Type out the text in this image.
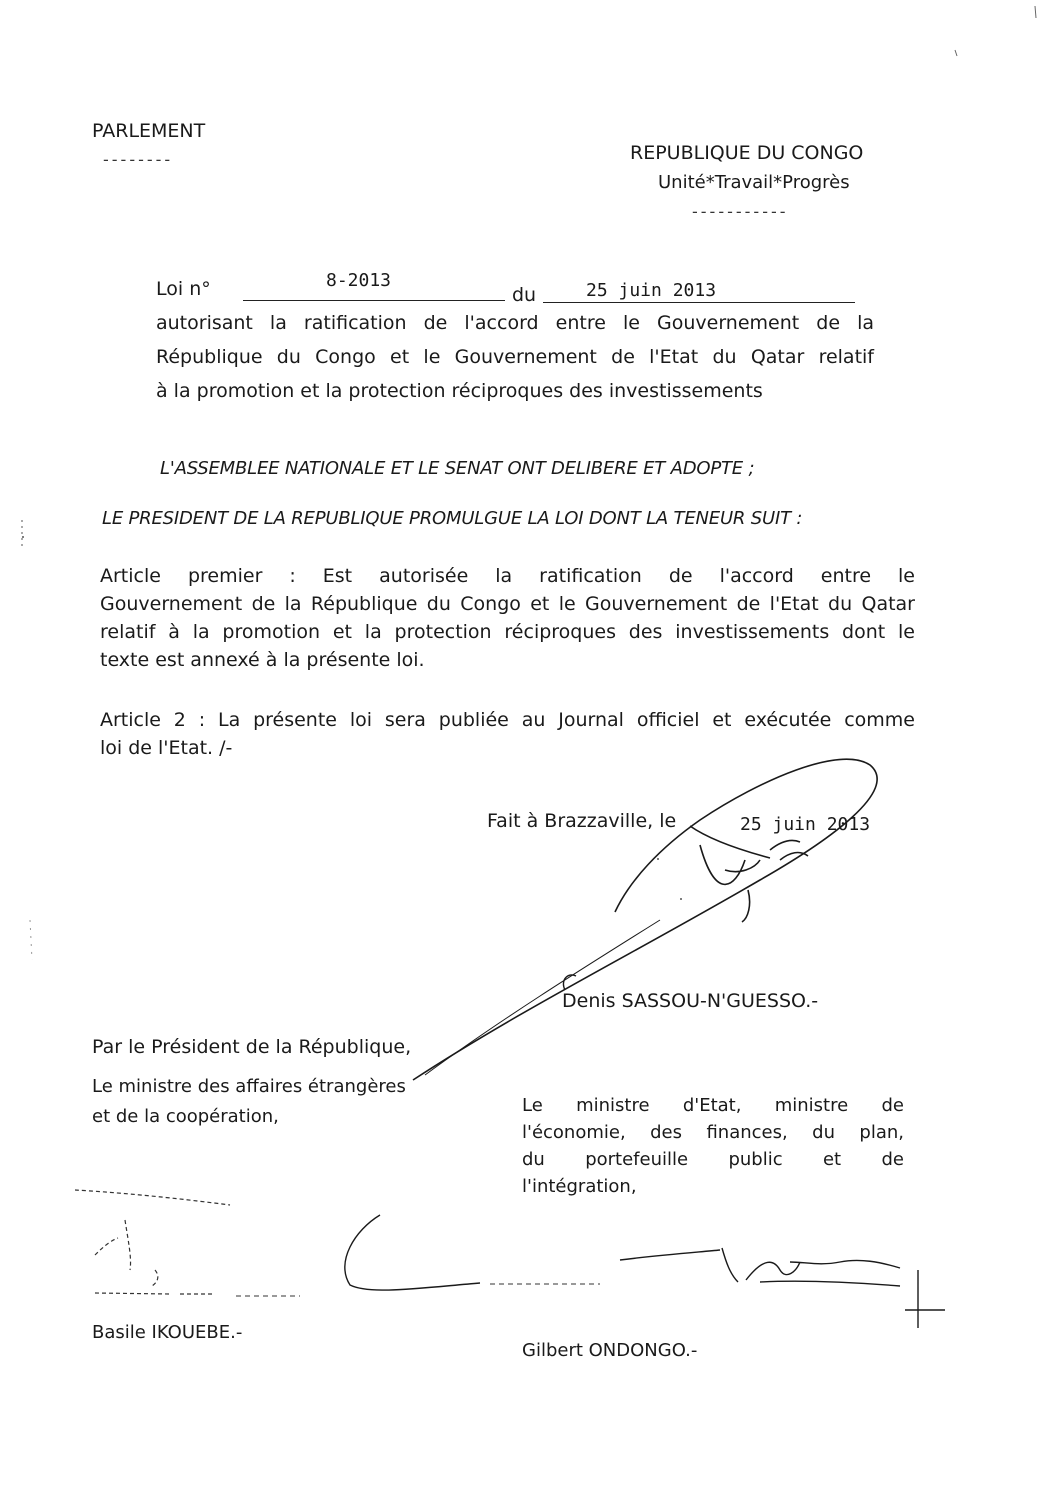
PARLEMENT
--------	REPUBLIQUE DU CONGO
Unité*Travail*Progrès
-----------
Loi n°	8-2013
du	25 juin 2013
autorisant la ratification de l'accord entre le Gouvernement de la
République du Congo et le Gouvernement de l'Etat du Qatar relatif
à la promotion et la protection réciproques des investissements
L'ASSEMBLEE NATIONALE ET LE SENAT ONT DELIBERE ET ADOPTE ;
LE PRESIDENT DE LA REPUBLIQUE PROMULGUE LA LOI DONT LA TENEUR SUIT :
Article premier : Est autorisée la ratification de l'accord entre le
Gouvernement de la République du Congo et le Gouvernement de l'Etat du Qatar
relatif à la promotion et la protection réciproques des investissements dont le
texte est annexé à la présente loi.
Article 2 : La présente loi sera publiée au Journal officiel et exécutée comme
loi de l'Etat. /-
Fait à Brazzaville, le	25 juin 2013
Denis SASSOU-N'GUESSO.-
Par le Président de la République,
Le ministre des affaires étrangères
et de la coopération,
Le ministre d'Etat, ministre de
l'économie, des finances, du plan,
du portefeuille public et de
l'intégration,
Basile IKOUEBE.-
Gilbert ONDONGO.-
